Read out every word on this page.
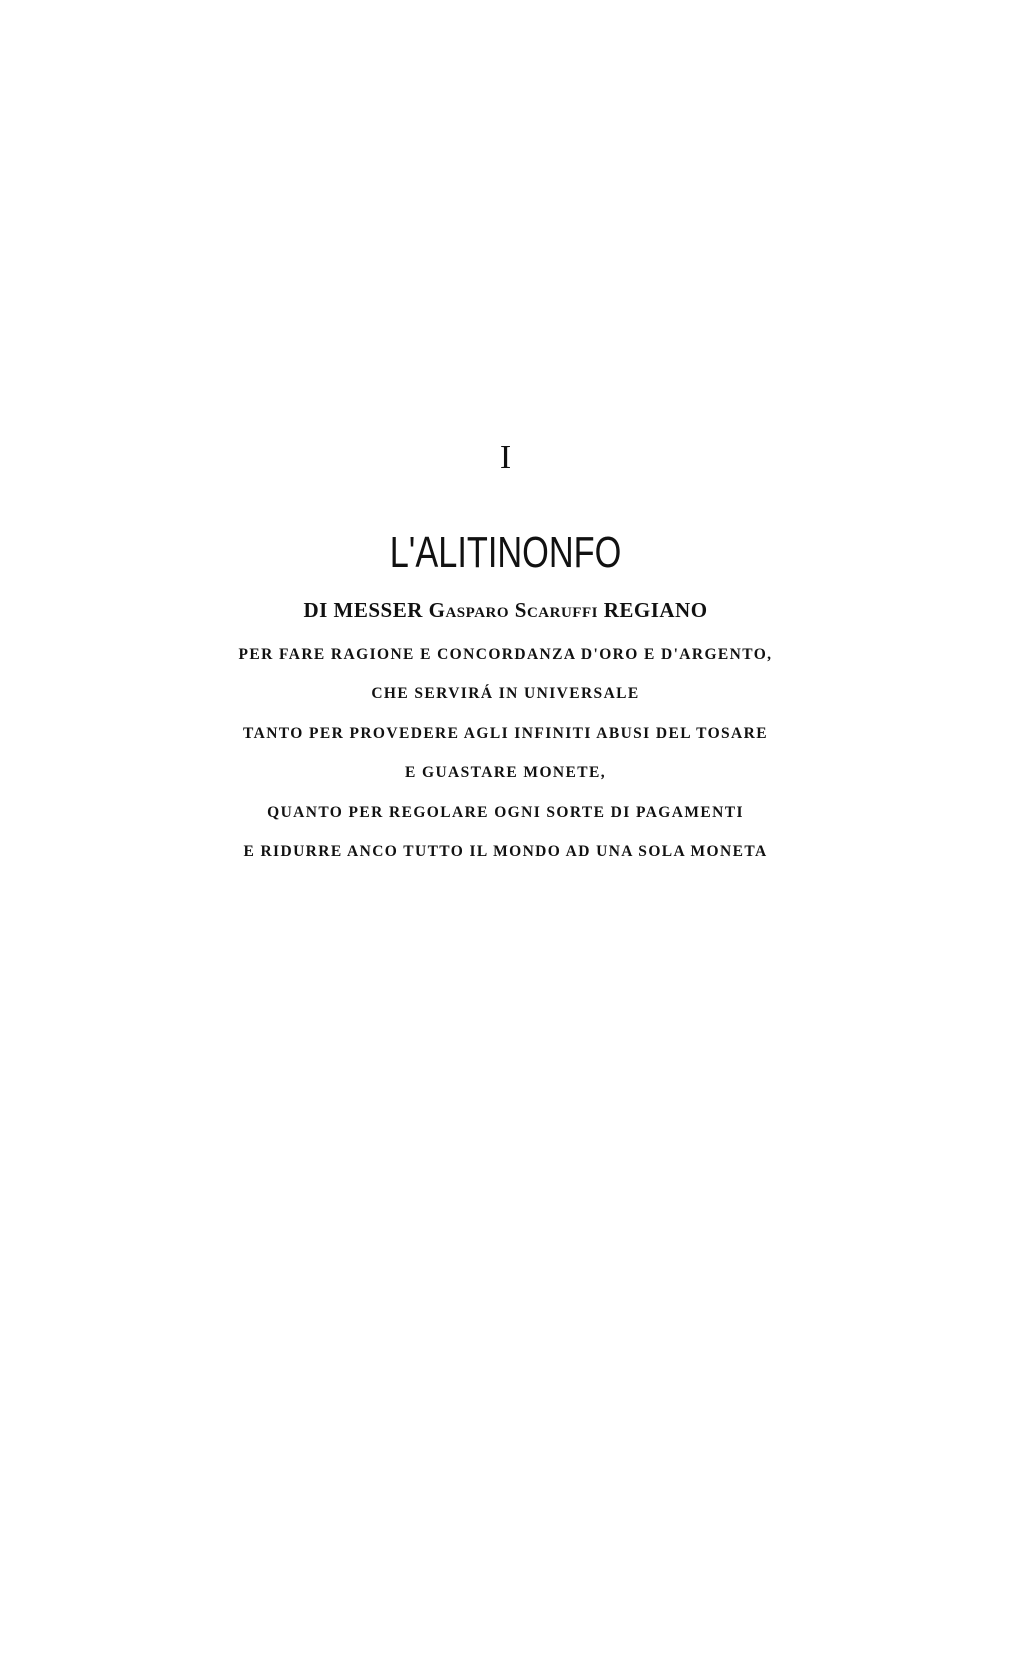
I
L'ALITINONFO
DI MESSER Gasparo Scaruffi REGIANO
PER FARE RAGIONE E CONCORDANZA D'ORO E D'ARGENTO,
CHE SERVIRÁ IN UNIVERSALE
TANTO PER PROVEDERE AGLI INFINITI ABUSI DEL TOSARE
E GUASTARE MONETE,
QUANTO PER REGOLARE OGNI SORTE DI PAGAMENTI
E RIDURRE ANCO TUTTO IL MONDO AD UNA SOLA MONETA
